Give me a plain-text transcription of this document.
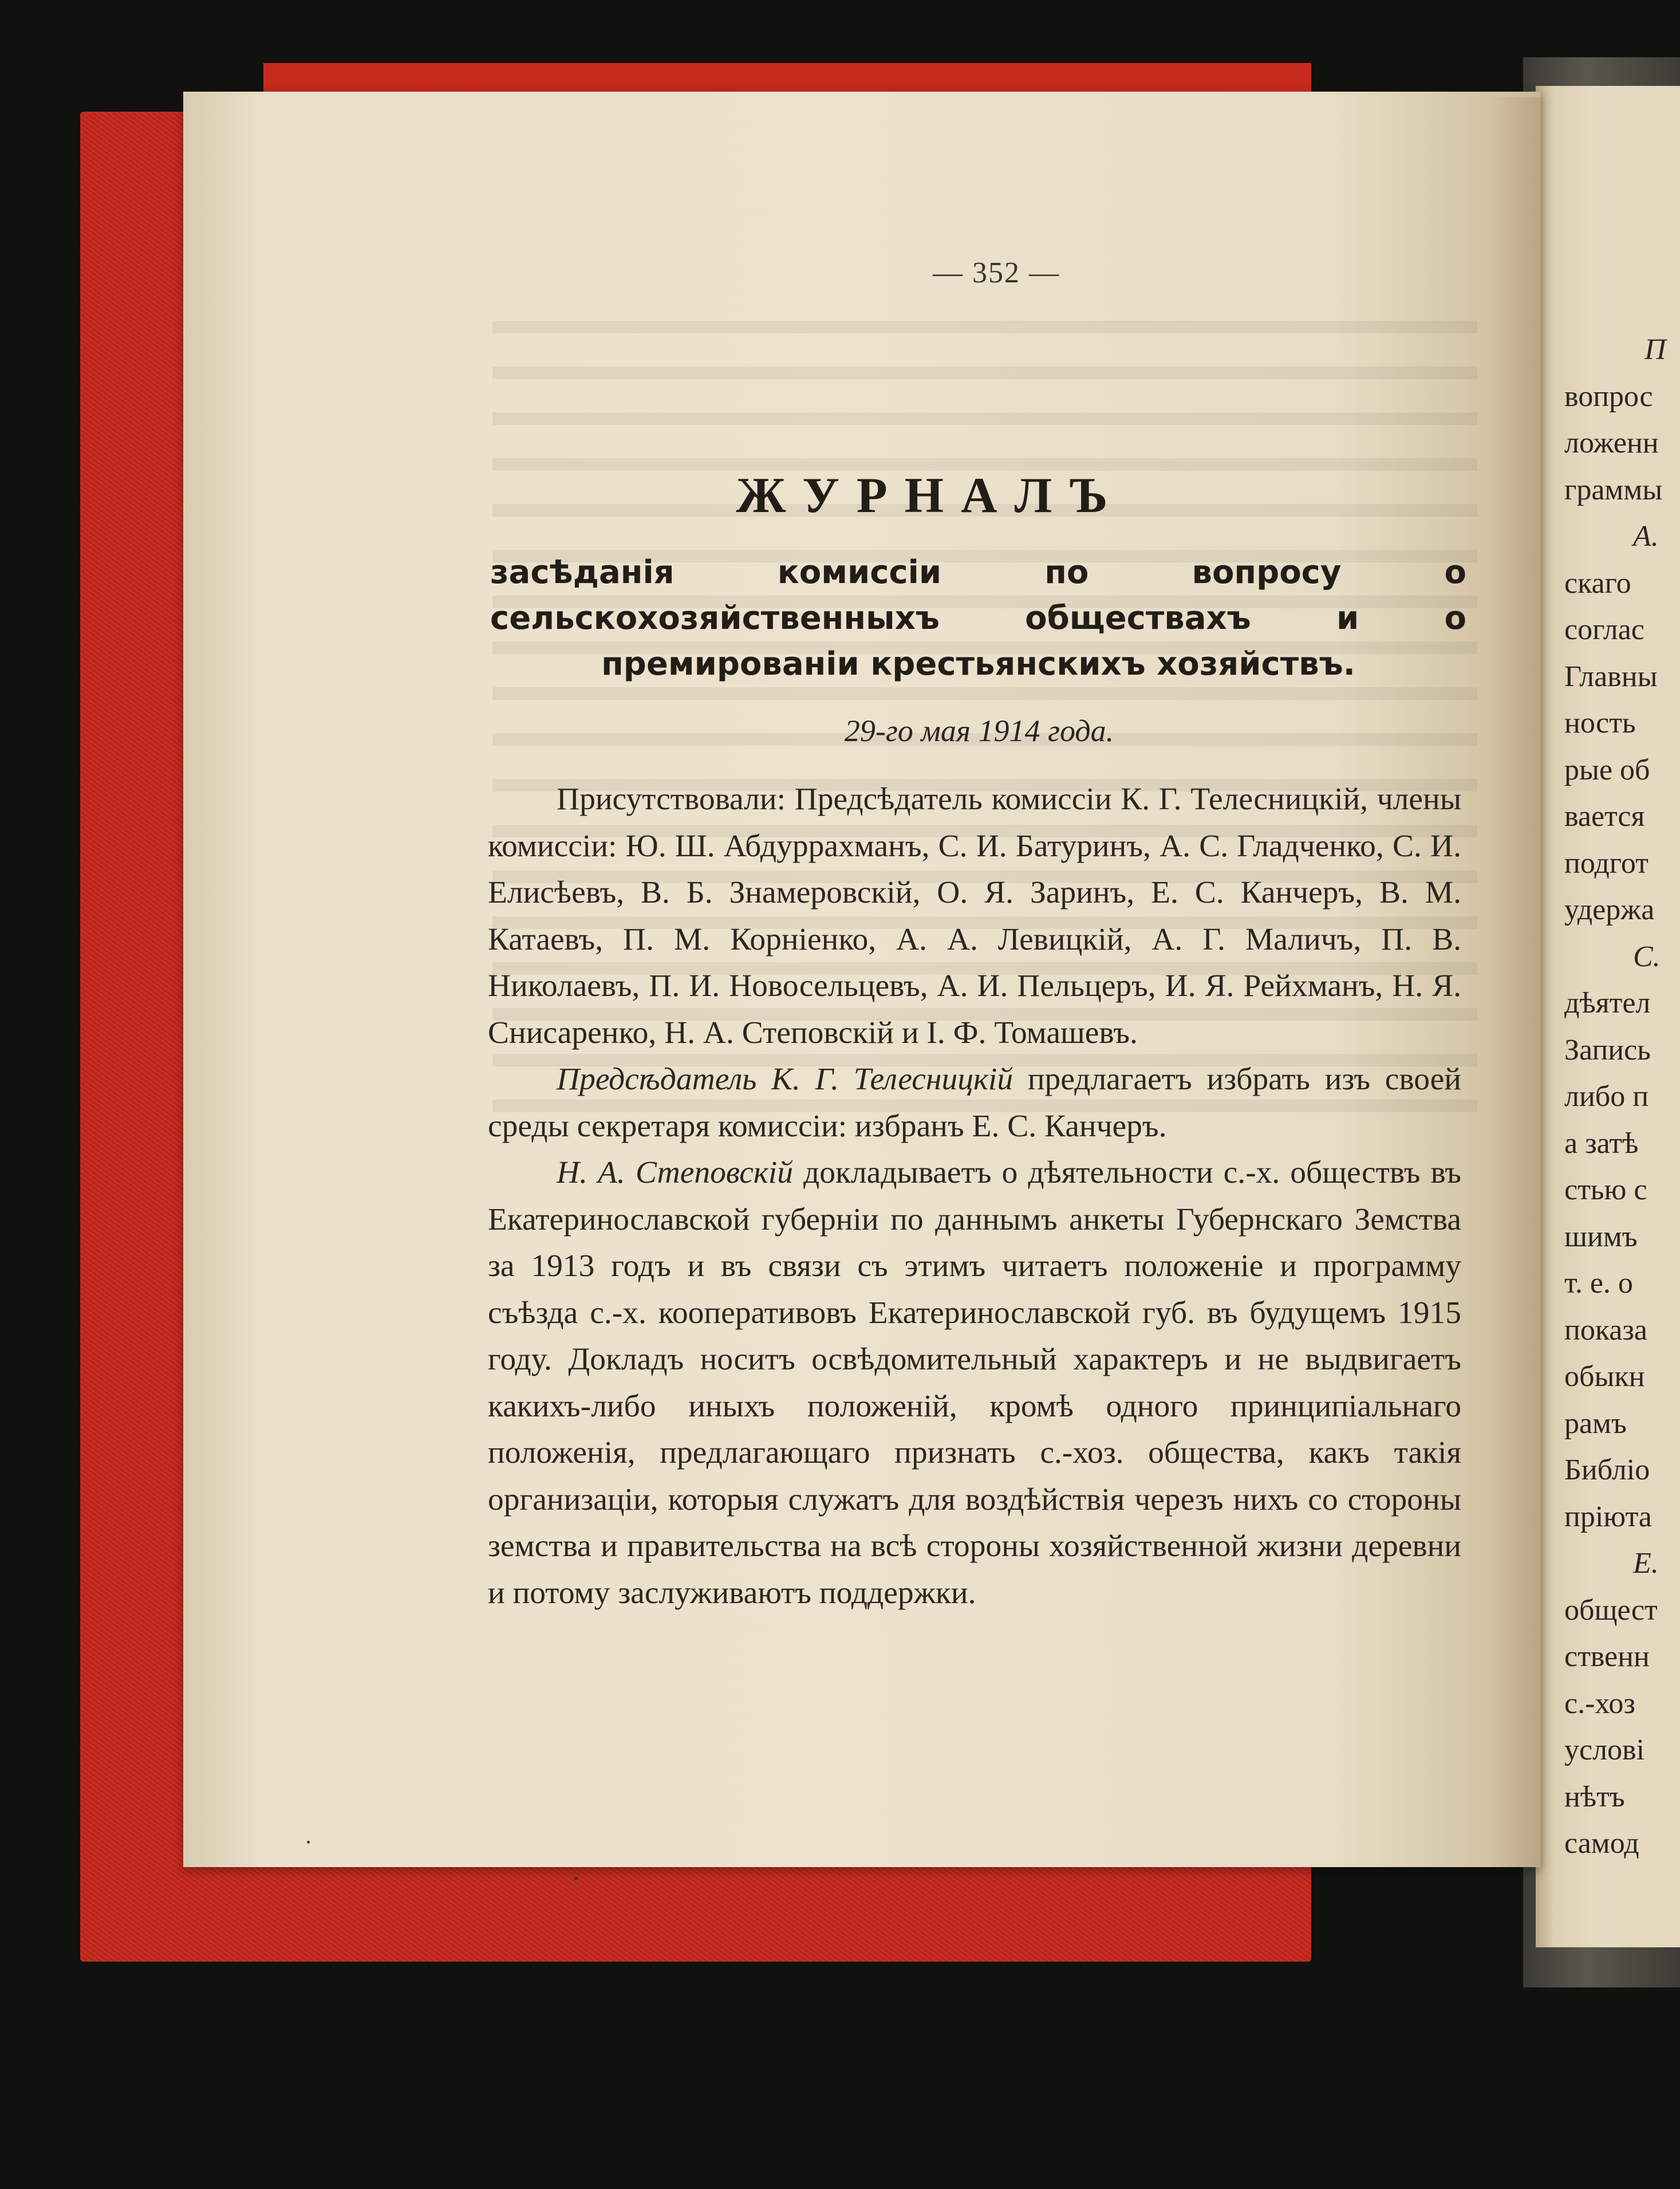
— 352 —
ЖУРНАЛЪ
засѣданія комиссіи по вопросу о сельскохозяйственныхъ обществахъ и о премированіи крестьянскихъ хозяйствъ.
29-го мая 1914 года.

Присутствовали: Предсѣдатель комиссіи К. Г. Телесницкій, члены комиссіи: Ю. Ш. Абдуррахманъ, С. И. Батуринъ, А. С. Гладченко, С. И. Елисѣевъ, В. Б. Знамеровскій, О. Я. Заринъ, Е. С. Канчеръ, В. М. Катаевъ, П. М. Корніенко, А. А. Левицкій, А. Г. Маличъ, П. В. Николаевъ, П. И. Новосельцевъ, А. И. Пельцеръ, И. Я. Рейхманъ, Н. Я. Снисаренко, Н. А. Степовскій и І. Ф. Томашевъ.

Предсѣдатель К. Г. Телесницкій предлагаетъ избрать изъ своей среды секретаря комиссіи: избранъ Е. С. Канчеръ.

Н. А. Степовскій докладываетъ о дѣятельности с.-х. обществъ въ Екатеринославской губерніи по даннымъ анкеты Губернскаго Земства за 1913 годъ и въ связи съ этимъ читаетъ положеніе и программу съѣзда с.-х. кооперативовъ Екатеринославской губ. въ будущемъ 1915 году. Докладъ носитъ освѣдомительный характеръ и не выдвигаетъ какихъ-либо иныхъ положеній, кромѣ одного принципіальнаго положенія, предлагающаго признать с.-хоз. общества, какъ такія организаціи, которыя служатъ для воздѣйствія черезъ нихъ со стороны земства и правительства на всѣ стороны хозяйственной жизни деревни и потому заслуживаютъ поддержки.

П
вопрос
ложенн
граммы
А.
скаго
соглас
Главны
ность
рые об
вается
подгот
удержа
С.
дѣятел
Запись
либо п
а затѣ
стью с
шимъ
т. е. о
показа
обыкн
рамъ
Библіо
пріюта
Е.
общест
ственн
с.-хоз
услові
нѣтъ
самод
